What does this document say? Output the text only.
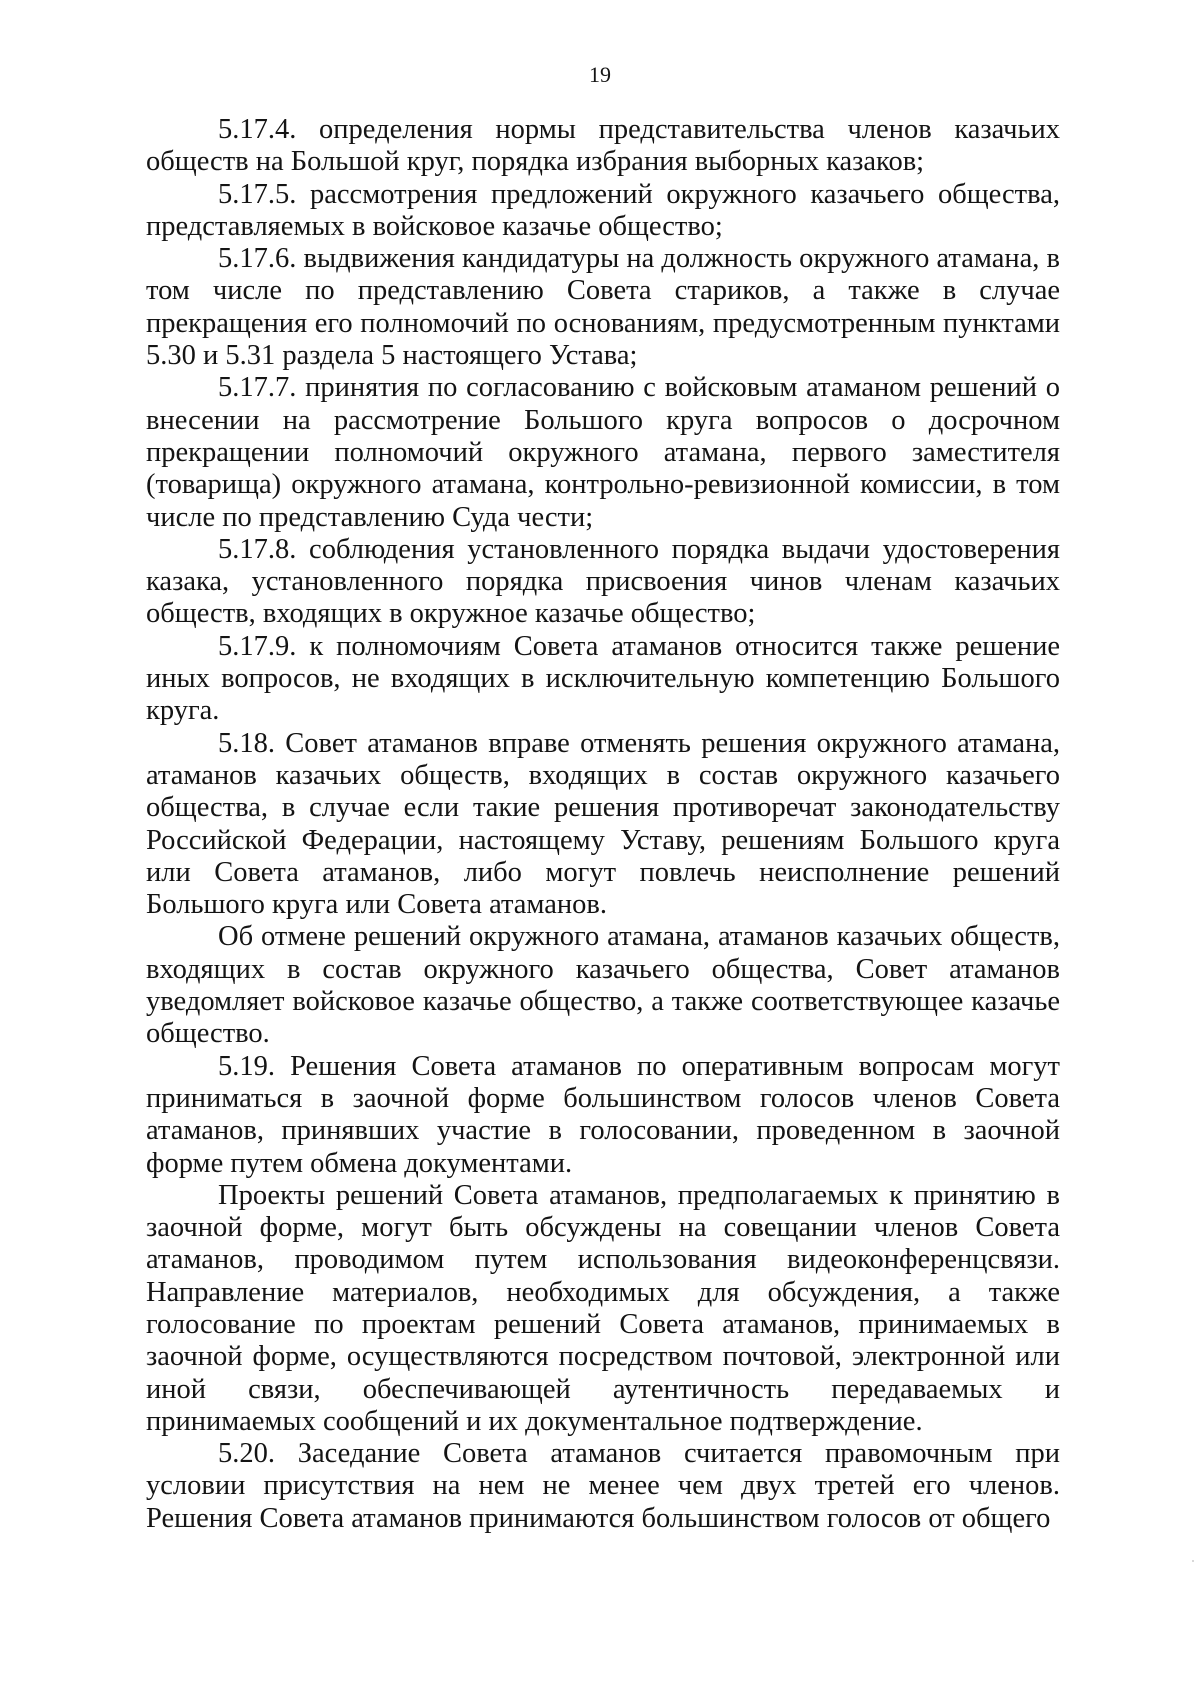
19

5.17.4. определения нормы представительства членов казачьих обществ на Большой круг, порядка избрания выборных казаков;

5.17.5. рассмотрения предложений окружного казачьего общества, представляемых в войсковое казачье общество;

5.17.6. выдвижения кандидатуры на должность окружного атамана, в том числе по представлению Совета стариков, а также в случае прекращения его полномочий по основаниям, предусмотренным пунктами 5.30 и 5.31 раздела 5 настоящего Устава;

5.17.7. принятия по согласованию с войсковым атаманом решений о внесении на рассмотрение Большого круга вопросов о досрочном прекращении полномочий окружного атамана, первого заместителя (товарища) окружного атамана, контрольно-ревизионной комиссии, в том числе по представлению Суда чести;

5.17.8. соблюдения установленного порядка выдачи удостоверения казака, установленного порядка присвоения чинов членам казачьих обществ, входящих в окружное казачье общество;

5.17.9. к полномочиям Совета атаманов относится также решение иных вопросов, не входящих в исключительную компетенцию Большого круга.

5.18. Совет атаманов вправе отменять решения окружного атамана, атаманов казачьих обществ, входящих в состав окружного казачьего общества, в случае если такие решения противоречат законодательству Российской Федерации, настоящему Уставу, решениям Большого круга или Совета атаманов, либо могут повлечь неисполнение решений Большого круга или Совета атаманов.

Об отмене решений окружного атамана, атаманов казачьих обществ, входящих в состав окружного казачьего общества, Совет атаманов уведомляет войсковое казачье общество, а также соответствующее казачье общество.

5.19. Решения Совета атаманов по оперативным вопросам могут приниматься в заочной форме большинством голосов членов Совета атаманов, принявших участие в голосовании, проведенном в заочной форме путем обмена документами.

Проекты решений Совета атаманов, предполагаемых к принятию в заочной форме, могут быть обсуждены на совещании членов Совета атаманов, проводимом путем использования видеоконференцсвязи. Направление материалов, необходимых для обсуждения, а также голосование по проектам решений Совета атаманов, принимаемых в заочной форме, осуществляются посредством почтовой, электронной или иной связи, обеспечивающей аутентичность передаваемых и принимаемых сообщений и их документальное подтверждение.

5.20. Заседание Совета атаманов считается правомочным при условии присутствия на нем не менее чем двух третей его членов. Решения Совета атаманов принимаются большинством голосов от общего
